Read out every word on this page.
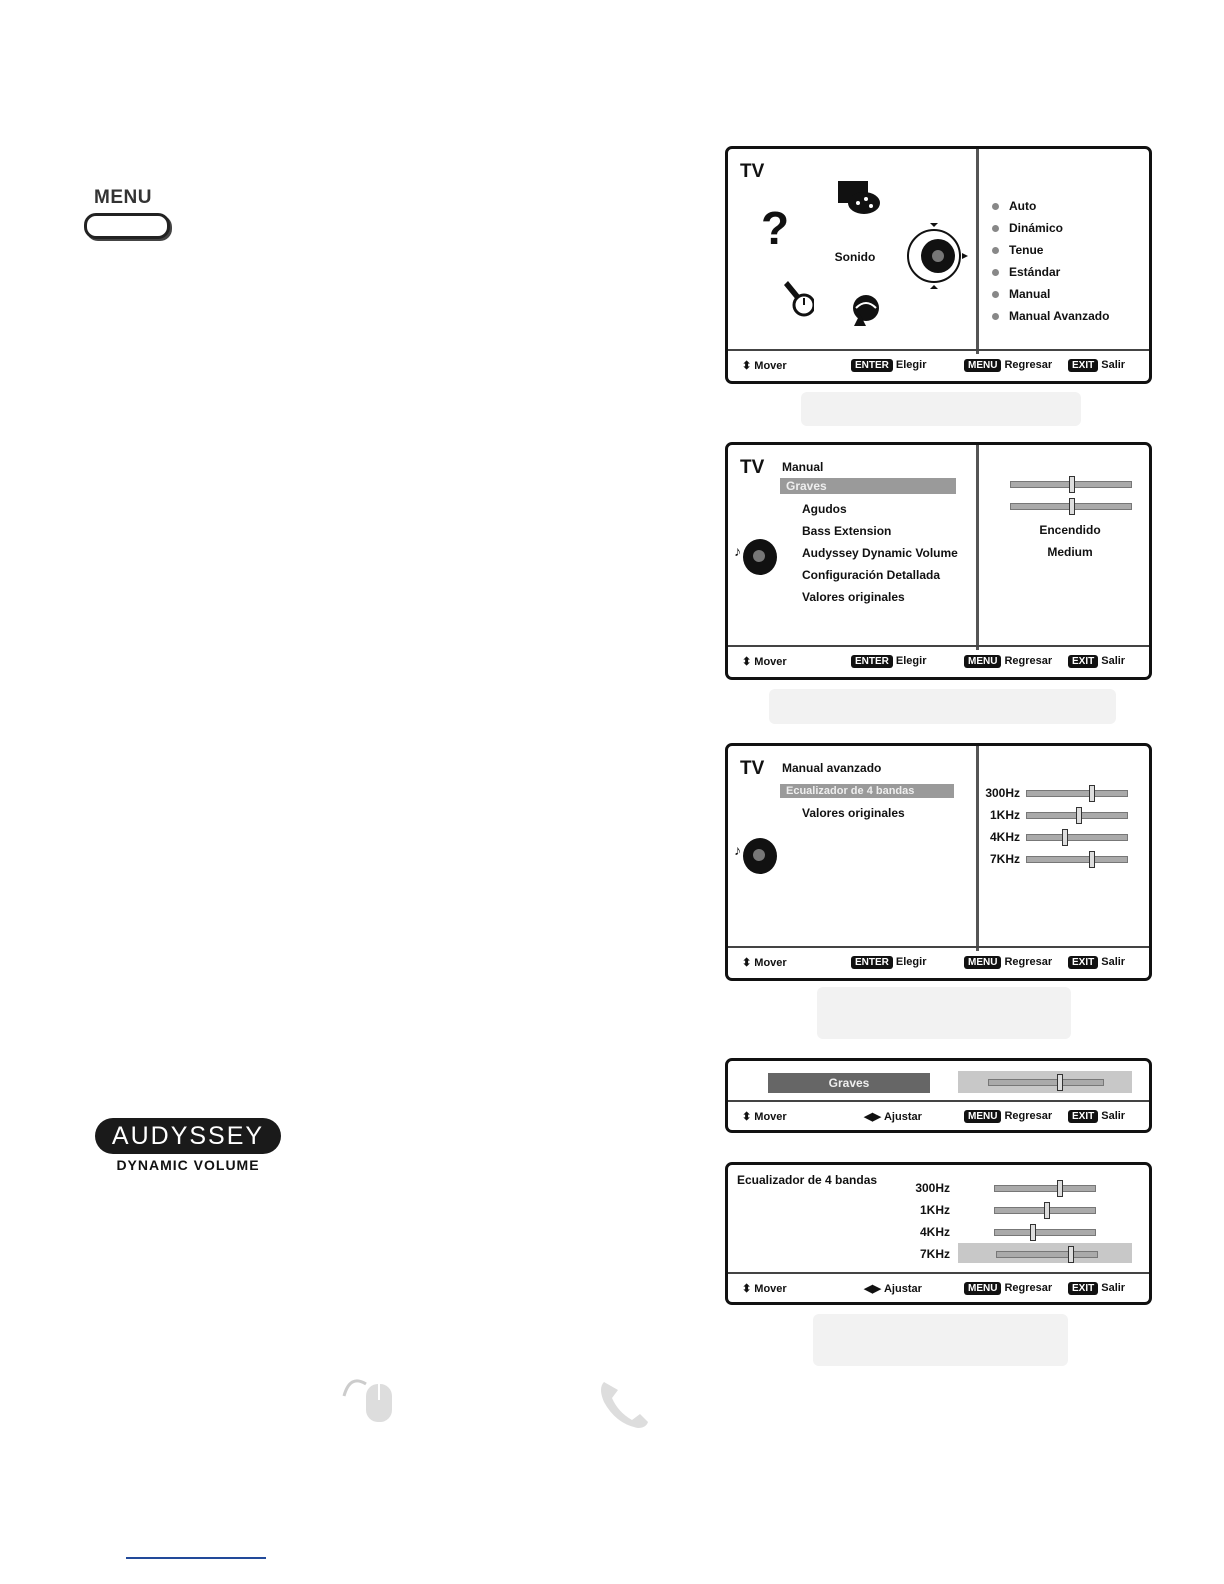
MENU
AUDYSSEY
DYNAMIC VOLUME
TV
?
Sonido
Auto
Dinámico
Tenue
Estándar
Manual
Manual Avanzado
⬍ Mover	ENTER Elegir	MENU Regresar	EXIT Salir
TV Manual
Graves
Agudos
Bass Extension
Audyssey Dynamic Volume
Configuración Detallada
Valores originales
♪
Encendido
Medium
⬍ Mover	ENTER Elegir	MENU Regresar	EXIT Salir
TV Manual avanzado
Ecualizador de 4 bandas
Valores originales
♪
300Hz
1KHz
4KHz
7KHz
⬍ Mover	ENTER Elegir	MENU Regresar	EXIT Salir
Graves
⬍ Mover	◀▶ Ajustar	MENU Regresar	EXIT Salir
Ecualizador de 4 bandas
300Hz
1KHz
4KHz
7KHz
⬍ Mover	◀▶ Ajustar	MENU Regresar	EXIT Salir
